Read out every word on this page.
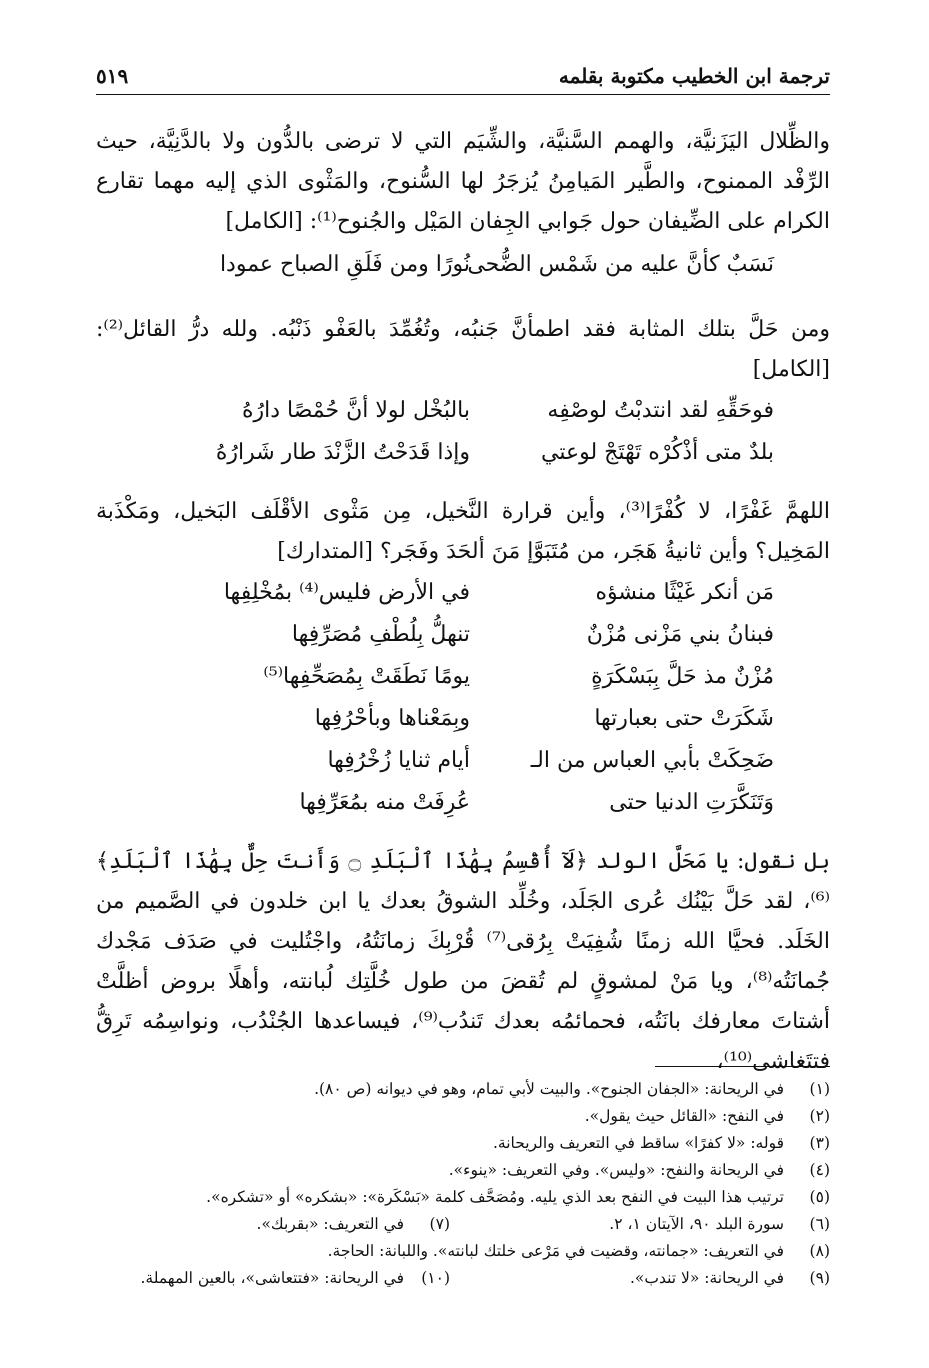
ترجمة ابن الخطيب مكتوبة بقلمه
٥١٩

والظِّلال اليَزَنيَّة، والهمم السَّنيَّة، والشِّيَم التي لا ترضى بالدُّون ولا بالدَّنِيَّة، حيث الرِّفْد الممنوح، والطَّير المَيامِنُ يُزجَرُ لها السُّنوح، والمَثْوى الذي إليه مهما تقارع الكرام على الضِّيفان حول جَوابي الجِفان المَيْل والجُنوح⁽¹⁾: [الكامل]

نَسَبٌ كأنَّ عليه من شَمْس الضُّحى
نُورًا ومن فَلَقِ الصباح عمودا

ومن حَلَّ بتلك المثابة فقد اطمأنَّ جَنبُه، وتُغُمِّدَ بالعَفْو ذَنْبُه. ولله درُّ القائل⁽²⁾: [الكامل]

فوحَقِّهِ لقد انتدبْتُ لوصْفِه
بالبُخْل لولا أنَّ حُمْصًا دارُهُ
بلدٌ متى أذْكُرْه تَهْتَجْ لوعتي
وإذا قَدَحْتُ الزَّنْدَ طار شَرارُهُ

اللهمَّ غَفْرًا، لا كُفْرًا⁽³⁾، وأين قرارة النَّخيل، مِن مَثْوى الأقْلَف البَخيل، ومَكْذَبة المَخِيل؟ وأين ثانيةُ هَجَر، من مُتَبَوَّإ مَنَ ألحَدَ وفَجَر؟ [المتدارك]

مَن أنكر غَيْثًا منشؤه
في الأرض فليس⁽⁴⁾ بمُخْلِفِها
فبنانُ بني مَزْنى مُزْنٌ
تنهلُّ بِلُطْفِ مُصَرِّفِها
مُزْنٌ مذ حَلَّ بِبَسْكَرَةٍ
يومًا نَطَقَتْ بِمُصَحِّفِها⁽⁵⁾
شَكَرَتْ حتى بعبارتها
وبِمَعْناها وبأحْرُفِها
ضَحِكَتْ بأبي العباس من الـ
أيام ثنايا زُخْرُفِها
وَتَنَكَّرَتِ الدنيا حتى
عُرِفَتْ منه بمُعَرِّفِها

بل نقول: يا مَحَلَّ الولد ﴿لَآ أُقْسِمُ بِهَٰذَا ٱلْبَلَدِ ۝ وَأَنتَ حِلٌّ بِهَٰذَا ٱلْبَلَدِ﴾⁽⁶⁾، لقد حَلَّ بَيْنُك عُرى الجَلَد، وخُلِّد الشوقُ بعدك يا ابن خلدون في الصَّميم من الخَلَد. فحيَّا الله زمنًا شُفِيَتْ بِرُقى⁽⁷⁾ قُرْبِكَ زمانَتُهُ، واجْتُليت في صَدَف مَجْدك جُمانَتُه⁽⁸⁾، ويا مَنْ لمشوقٍ لم تُقضَ من طول خُلَّتِك لُبانته، وأهلًا بروض أظلَّتْ أشتاتَ معارفك بانَتُه، فحمائمُه بعدك تَندُب⁽⁹⁾، فيساعدها الجُنْدُب، ونواسِمُه تَرِقُّ فتتَغاشى⁽¹⁰⁾،

(١)في الريحانة: «الجفان الجنوح». والبيت لأبي تمام، وهو في ديوانه (ص ٨٠).
(٢)في النفح: «القائل حيث يقول».
(٣)قوله: «لا كفرًا» ساقط في التعريف والريحانة.
(٤)في الريحانة والنفح: «وليس». وفي التعريف: «ينوء».
(٥)ترتيب هذا البيت في النفح بعد الذي يليه. ومُصَحَّف كلمة «بَسْكَرة»: «بشكره» أو «تشكره».
(٦)سورة البلد ٩٠، الآيتان ١، ٢.
(٧)في التعريف: «بقربك».
(٨)في التعريف: «جمانته، وقضيت في مَرْعى خلتك لبانته». واللبانة: الحاجة.
(٩)في الريحانة: «لا تندب».
(١٠)في الريحانة: «فتتعاشى»، بالعين المهملة.
